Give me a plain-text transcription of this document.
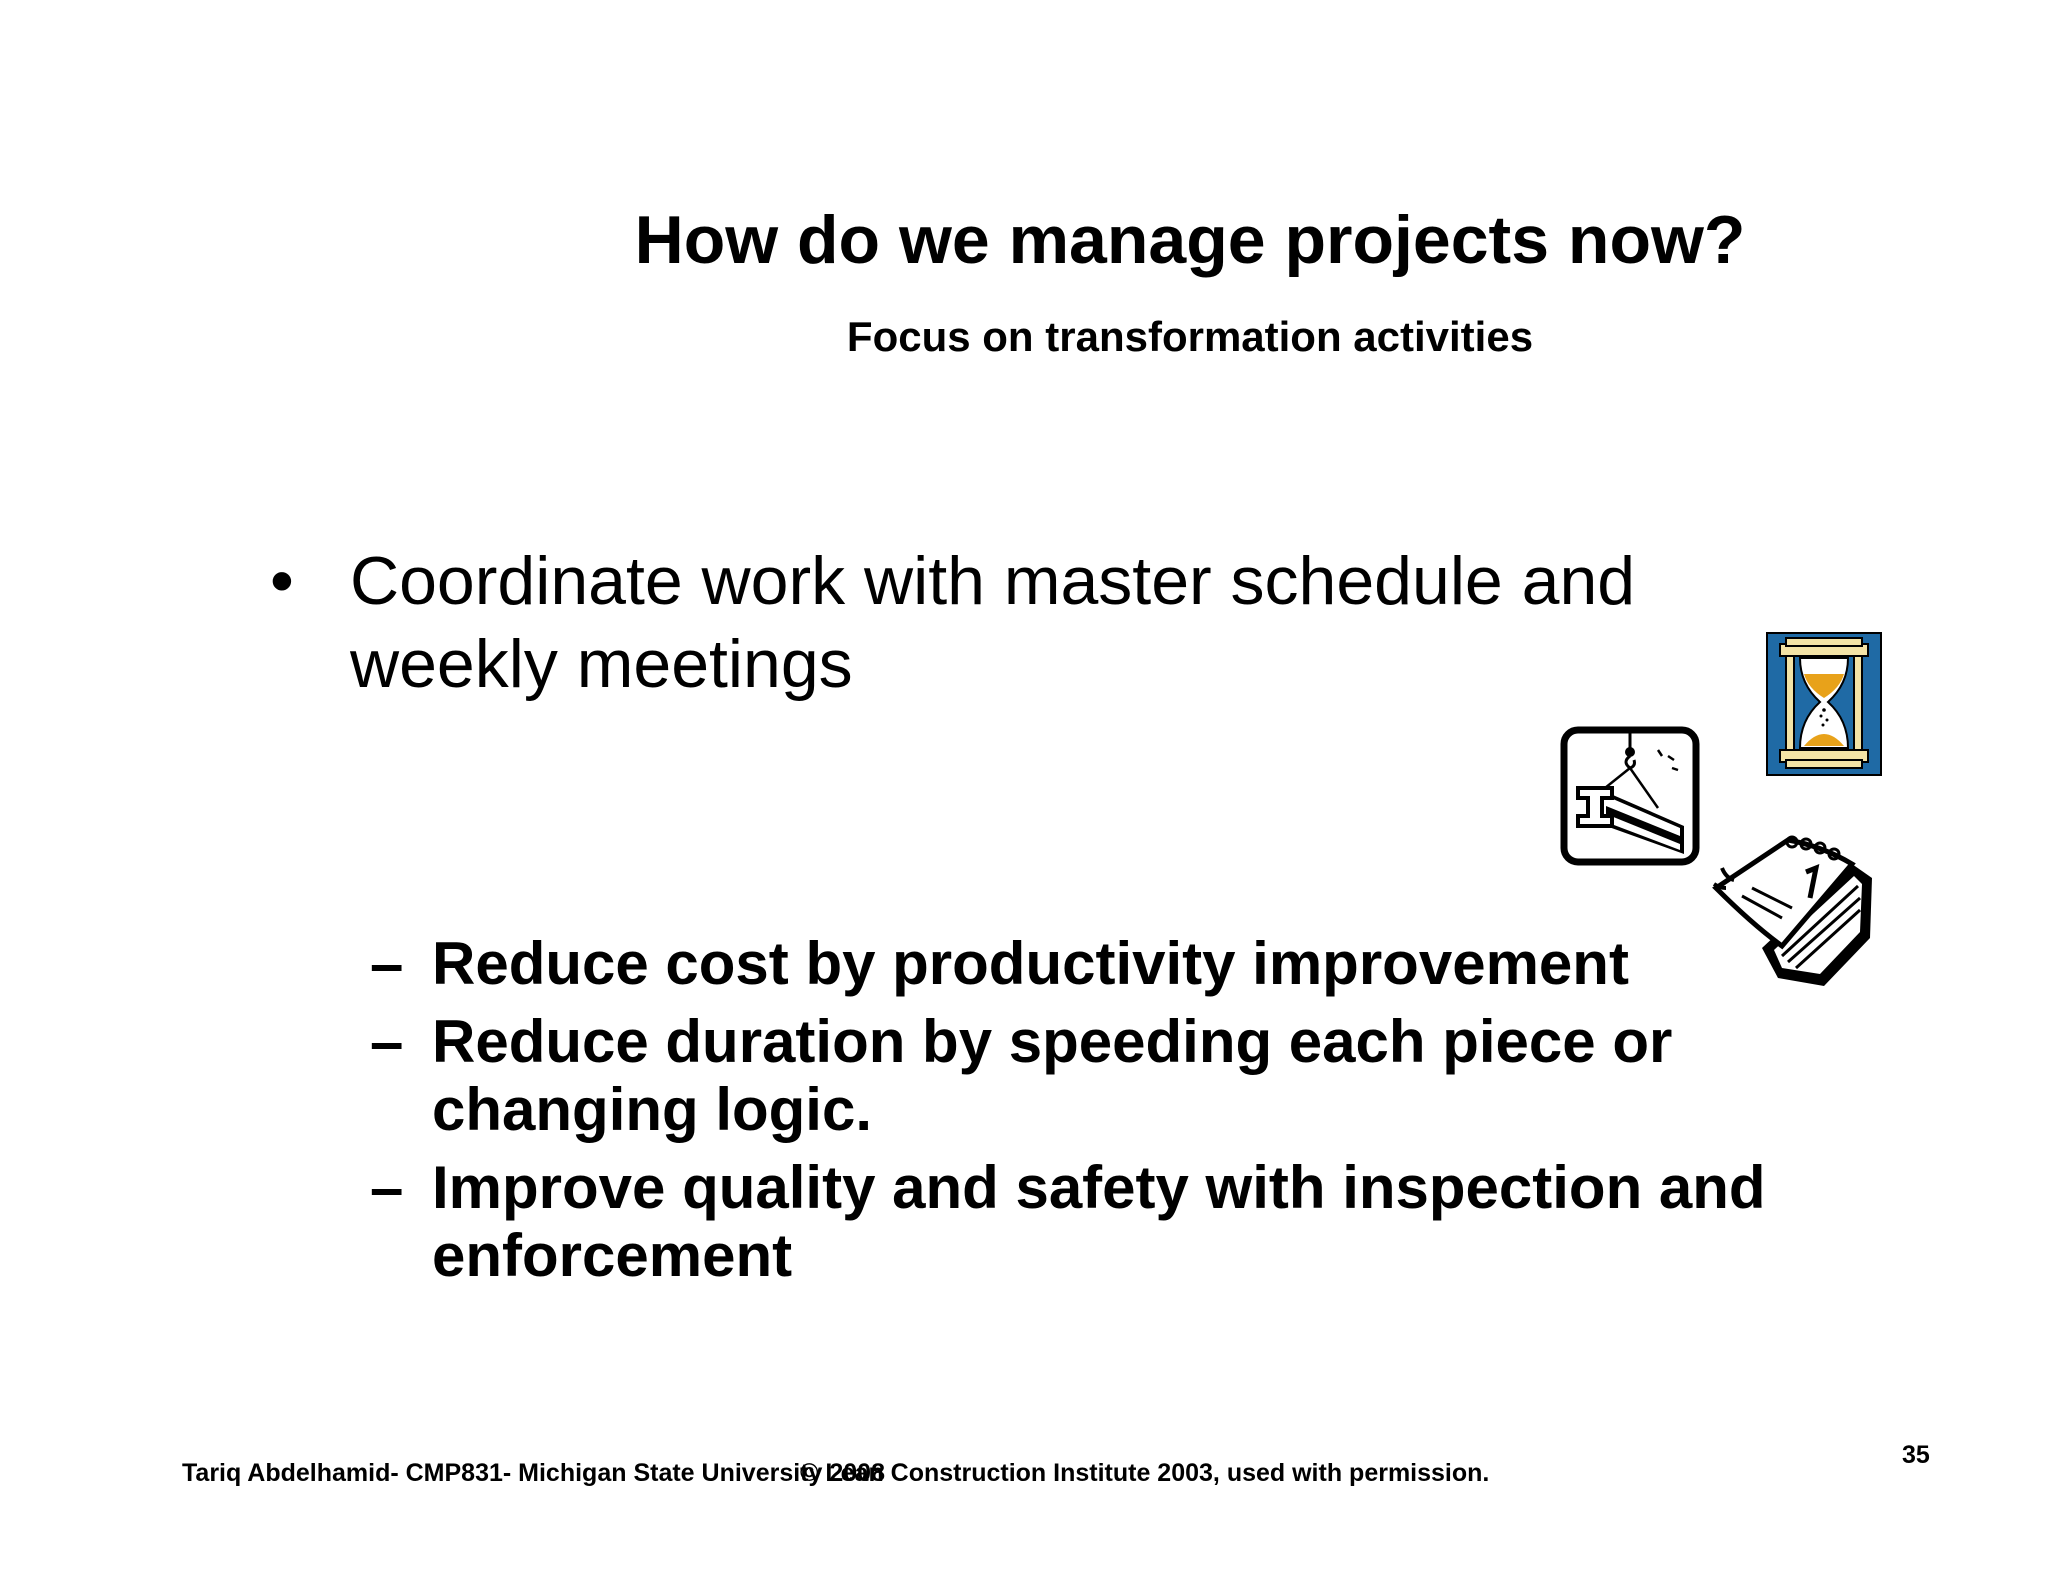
How do we manage projects now?
Focus on transformation activities
• Coordinate work with master schedule and weekly meetings
– Reduce cost by productivity improvement
– Reduce duration by speeding each piece or changing logic.
– Improve quality and safety with inspection and enforcement
Tariq Abdelhamid- CMP831- Michigan State University 2008
© Lean Construction Institute 2003, used with permission.
35
